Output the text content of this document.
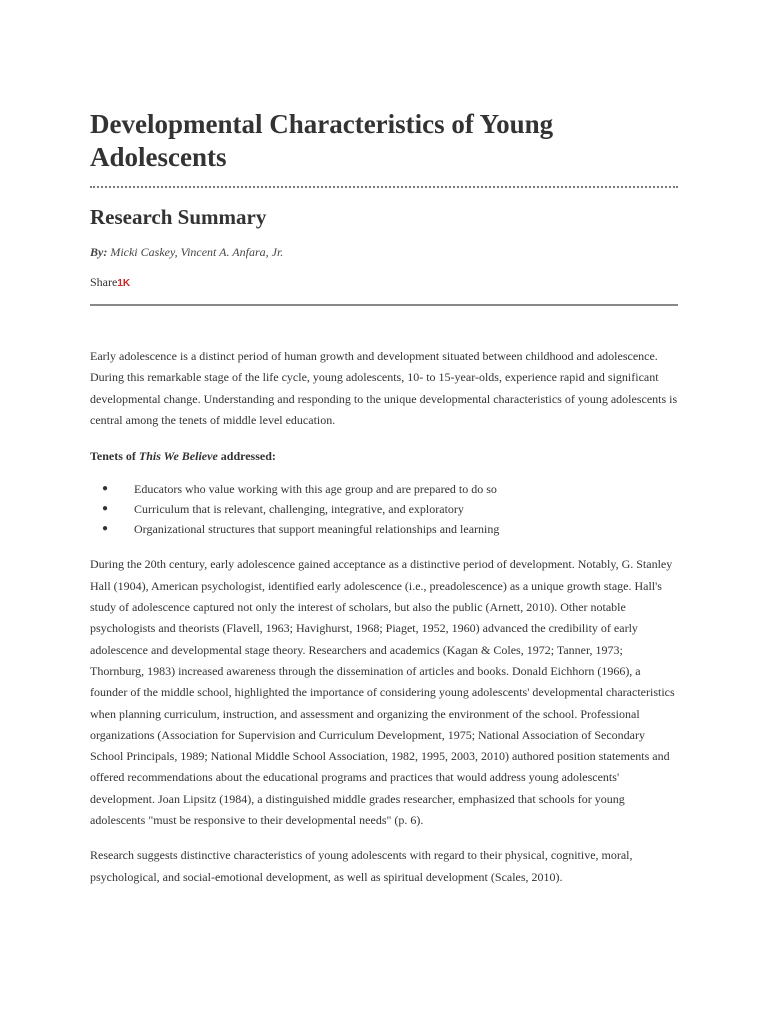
Developmental Characteristics of Young Adolescents
Research Summary
By: Micki Caskey, Vincent A. Anfara, Jr.
Share1K

Early adolescence is a distinct period of human growth and development situated between childhood and adolescence. During this remarkable stage of the life cycle, young adolescents, 10- to 15-year-olds, experience rapid and significant developmental change. Understanding and responding to the unique developmental characteristics of young adolescents is central among the tenets of middle level education.

Tenets of This We Believe addressed:

● Educators who value working with this age group and are prepared to do so
● Curriculum that is relevant, challenging, integrative, and exploratory
● Organizational structures that support meaningful relationships and learning

During the 20th century, early adolescence gained acceptance as a distinctive period of development. Notably, G. Stanley Hall (1904), American psychologist, identified early adolescence (i.e., preadolescence) as a unique growth stage. Hall's study of adolescence captured not only the interest of scholars, but also the public (Arnett, 2010). Other notable psychologists and theorists (Flavell, 1963; Havighurst, 1968; Piaget, 1952, 1960) advanced the credibility of early adolescence and developmental stage theory. Researchers and academics (Kagan & Coles, 1972; Tanner, 1973; Thornburg, 1983) increased awareness through the dissemination of articles and books. Donald Eichhorn (1966), a founder of the middle school, highlighted the importance of considering young adolescents' developmental characteristics when planning curriculum, instruction, and assessment and organizing the environment of the school. Professional organizations (Association for Supervision and Curriculum Development, 1975; National Association of Secondary School Principals, 1989; National Middle School Association, 1982, 1995, 2003, 2010) authored position statements and offered recommendations about the educational programs and practices that would address young adolescents' development. Joan Lipsitz (1984), a distinguished middle grades researcher, emphasized that schools for young adolescents "must be responsive to their developmental needs" (p. 6).

Research suggests distinctive characteristics of young adolescents with regard to their physical, cognitive, moral, psychological, and social-emotional development, as well as spiritual development (Scales, 2010).
